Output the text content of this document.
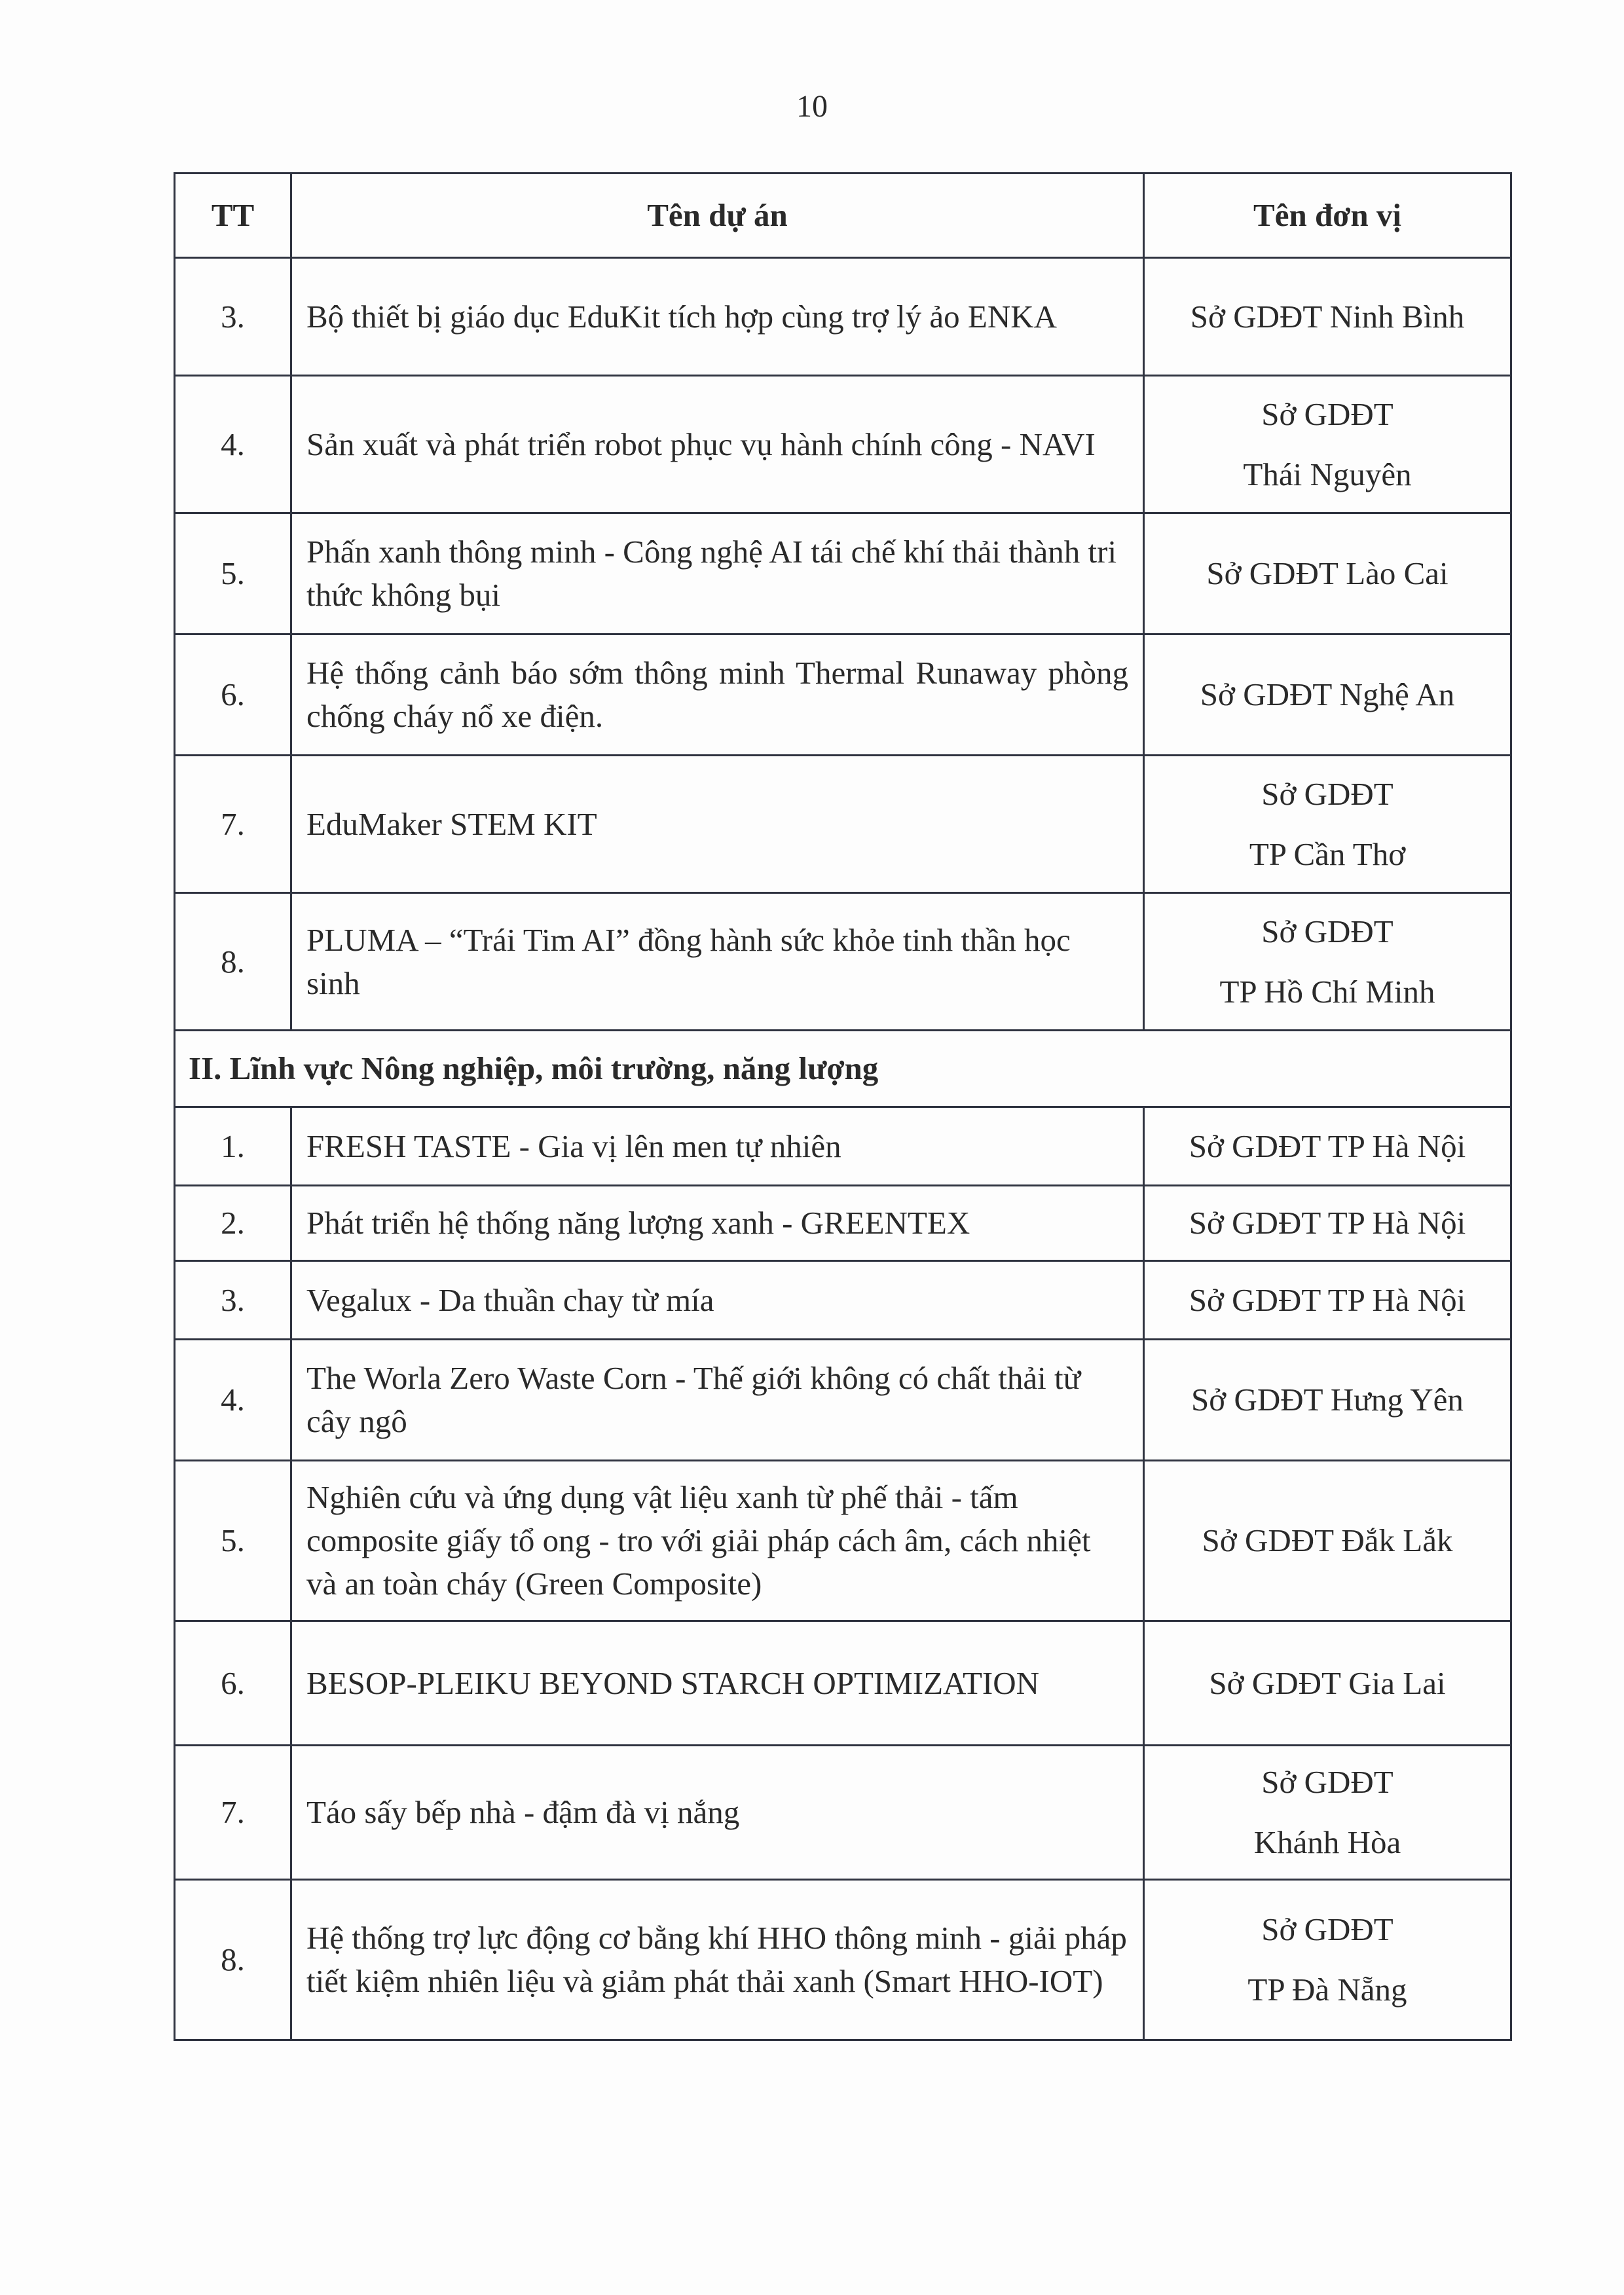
10
TT	Tên dự án	Tên đơn vị
3.	Bộ thiết bị giáo dục EduKit tích hợp cùng trợ lý ảo ENKA	Sở GDĐT Ninh Bình

4.	Sản xuất và phát triển robot phục vụ hành chính công - NAVI	Sở GDĐT
Thái Nguyên

5.	Phấn xanh thông minh - Công nghệ AI tái chế khí thải thành tri thức không bụi	Sở GDĐT Lào Cai

6.	Hệ thống cảnh báo sớm thông minh Thermal Runaway phòng chống cháy nổ xe điện.	Sở GDĐT Nghệ An

7.	EduMaker STEM KIT	Sở GDĐT
TP Cần Thơ

8.	PLUMA – “Trái Tim AI” đồng hành sức khỏe tinh thần học sinh	Sở GDĐT
TP Hồ Chí Minh

II. Lĩnh vực Nông nghiệp, môi trường, năng lượng		
1.	FRESH TASTE - Gia vị lên men tự nhiên	Sở GDĐT TP Hà Nội

2.	Phát triển hệ thống năng lượng xanh - GREENTEX	Sở GDĐT TP Hà Nội

3.	Vegalux - Da thuần chay từ mía	Sở GDĐT TP Hà Nội

4.	The Worla Zero Waste Corn - Thế giới không có chất thải từ cây ngô	Sở GDĐT Hưng Yên

5.	Nghiên cứu và ứng dụng vật liệu xanh từ phế thải - tấm composite giấy tổ ong - tro với giải pháp cách âm, cách nhiệt và an toàn cháy (Green Composite)	Sở GDĐT Đắk Lắk

6.	BESOP-PLEIKU BEYOND STARCH OPTIMIZATION	Sở GDĐT Gia Lai

7.	Táo sấy bếp nhà - đậm đà vị nắng	Sở GDĐT
Khánh Hòa

8.	Hệ thống trợ lực động cơ bằng khí HHO thông minh - giải pháp tiết kiệm nhiên liệu và giảm phát thải xanh (Smart HHO-IOT)	Sở GDĐT
TP Đà Nẵng
